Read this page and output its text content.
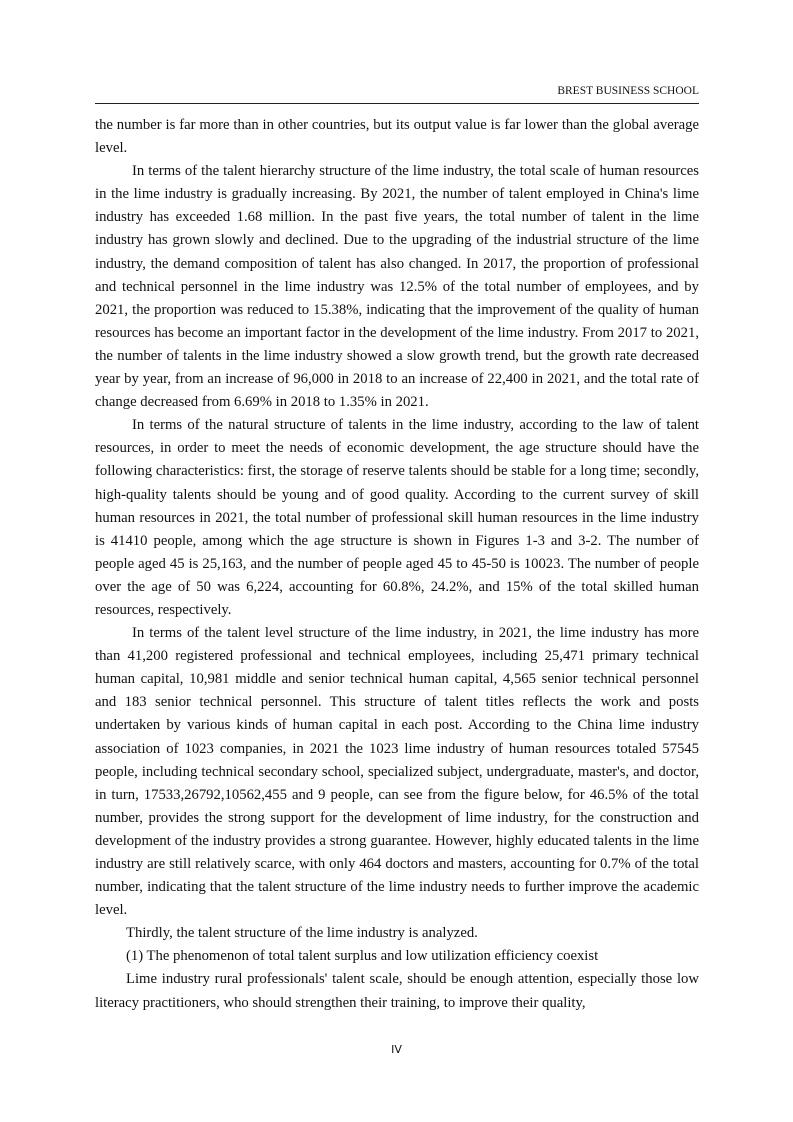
BREST BUSINESS SCHOOL

the number is far more than in other countries, but its output value is far lower than the global average level.

In terms of the talent hierarchy structure of the lime industry, the total scale of human resources in the lime industry is gradually increasing. By 2021, the number of talent employed in China's lime industry has exceeded 1.68 million. In the past five years, the total number of talent in the lime industry has grown slowly and declined. Due to the upgrading of the industrial structure of the lime industry, the demand composition of talent has also changed. In 2017, the proportion of professional and technical personnel in the lime industry was 12.5% of the total number of employees, and by 2021, the proportion was reduced to 15.38%, indicating that the improvement of the quality of human resources has become an important factor in the development of the lime industry. From 2017 to 2021, the number of talents in the lime industry showed a slow growth trend, but the growth rate decreased year by year, from an increase of 96,000 in 2018 to an increase of 22,400 in 2021, and the total rate of change decreased from 6.69% in 2018 to 1.35% in 2021.

In terms of the natural structure of talents in the lime industry, according to the law of talent resources, in order to meet the needs of economic development, the age structure should have the following characteristics: first, the storage of reserve talents should be stable for a long time; secondly, high-quality talents should be young and of good quality. According to the current survey of skill human resources in 2021, the total number of professional skill human resources in the lime industry is 41410 people, among which the age structure is shown in Figures 1-3 and 3-2. The number of people aged 45 is 25,163, and the number of people aged 45 to 45-50 is 10023. The number of people over the age of 50 was 6,224, accounting for 60.8%, 24.2%, and 15% of the total skilled human resources, respectively.

In terms of the talent level structure of the lime industry, in 2021, the lime industry has more than 41,200 registered professional and technical employees, including 25,471 primary technical human capital, 10,981 middle and senior technical human capital, 4,565 senior technical personnel and 183 senior technical personnel. This structure of talent titles reflects the work and posts undertaken by various kinds of human capital in each post. According to the China lime industry association of 1023 companies, in 2021 the 1023 lime industry of human resources totaled 57545 people, including technical secondary school, specialized subject, undergraduate, master's, and doctor, in turn, 17533,26792,10562,455 and 9 people, can see from the figure below, for 46.5% of the total number, provides the strong support for the development of lime industry, for the construction and development of the industry provides a strong guarantee. However, highly educated talents in the lime industry are still relatively scarce, with only 464 doctors and masters, accounting for 0.7% of the total number, indicating that the talent structure of the lime industry needs to further improve the academic level.

Thirdly, the talent structure of the lime industry is analyzed.

(1) The phenomenon of total talent surplus and low utilization efficiency coexist

Lime industry rural professionals' talent scale, should be enough attention, especially those low literacy practitioners, who should strengthen their training, to improve their quality,

IV
